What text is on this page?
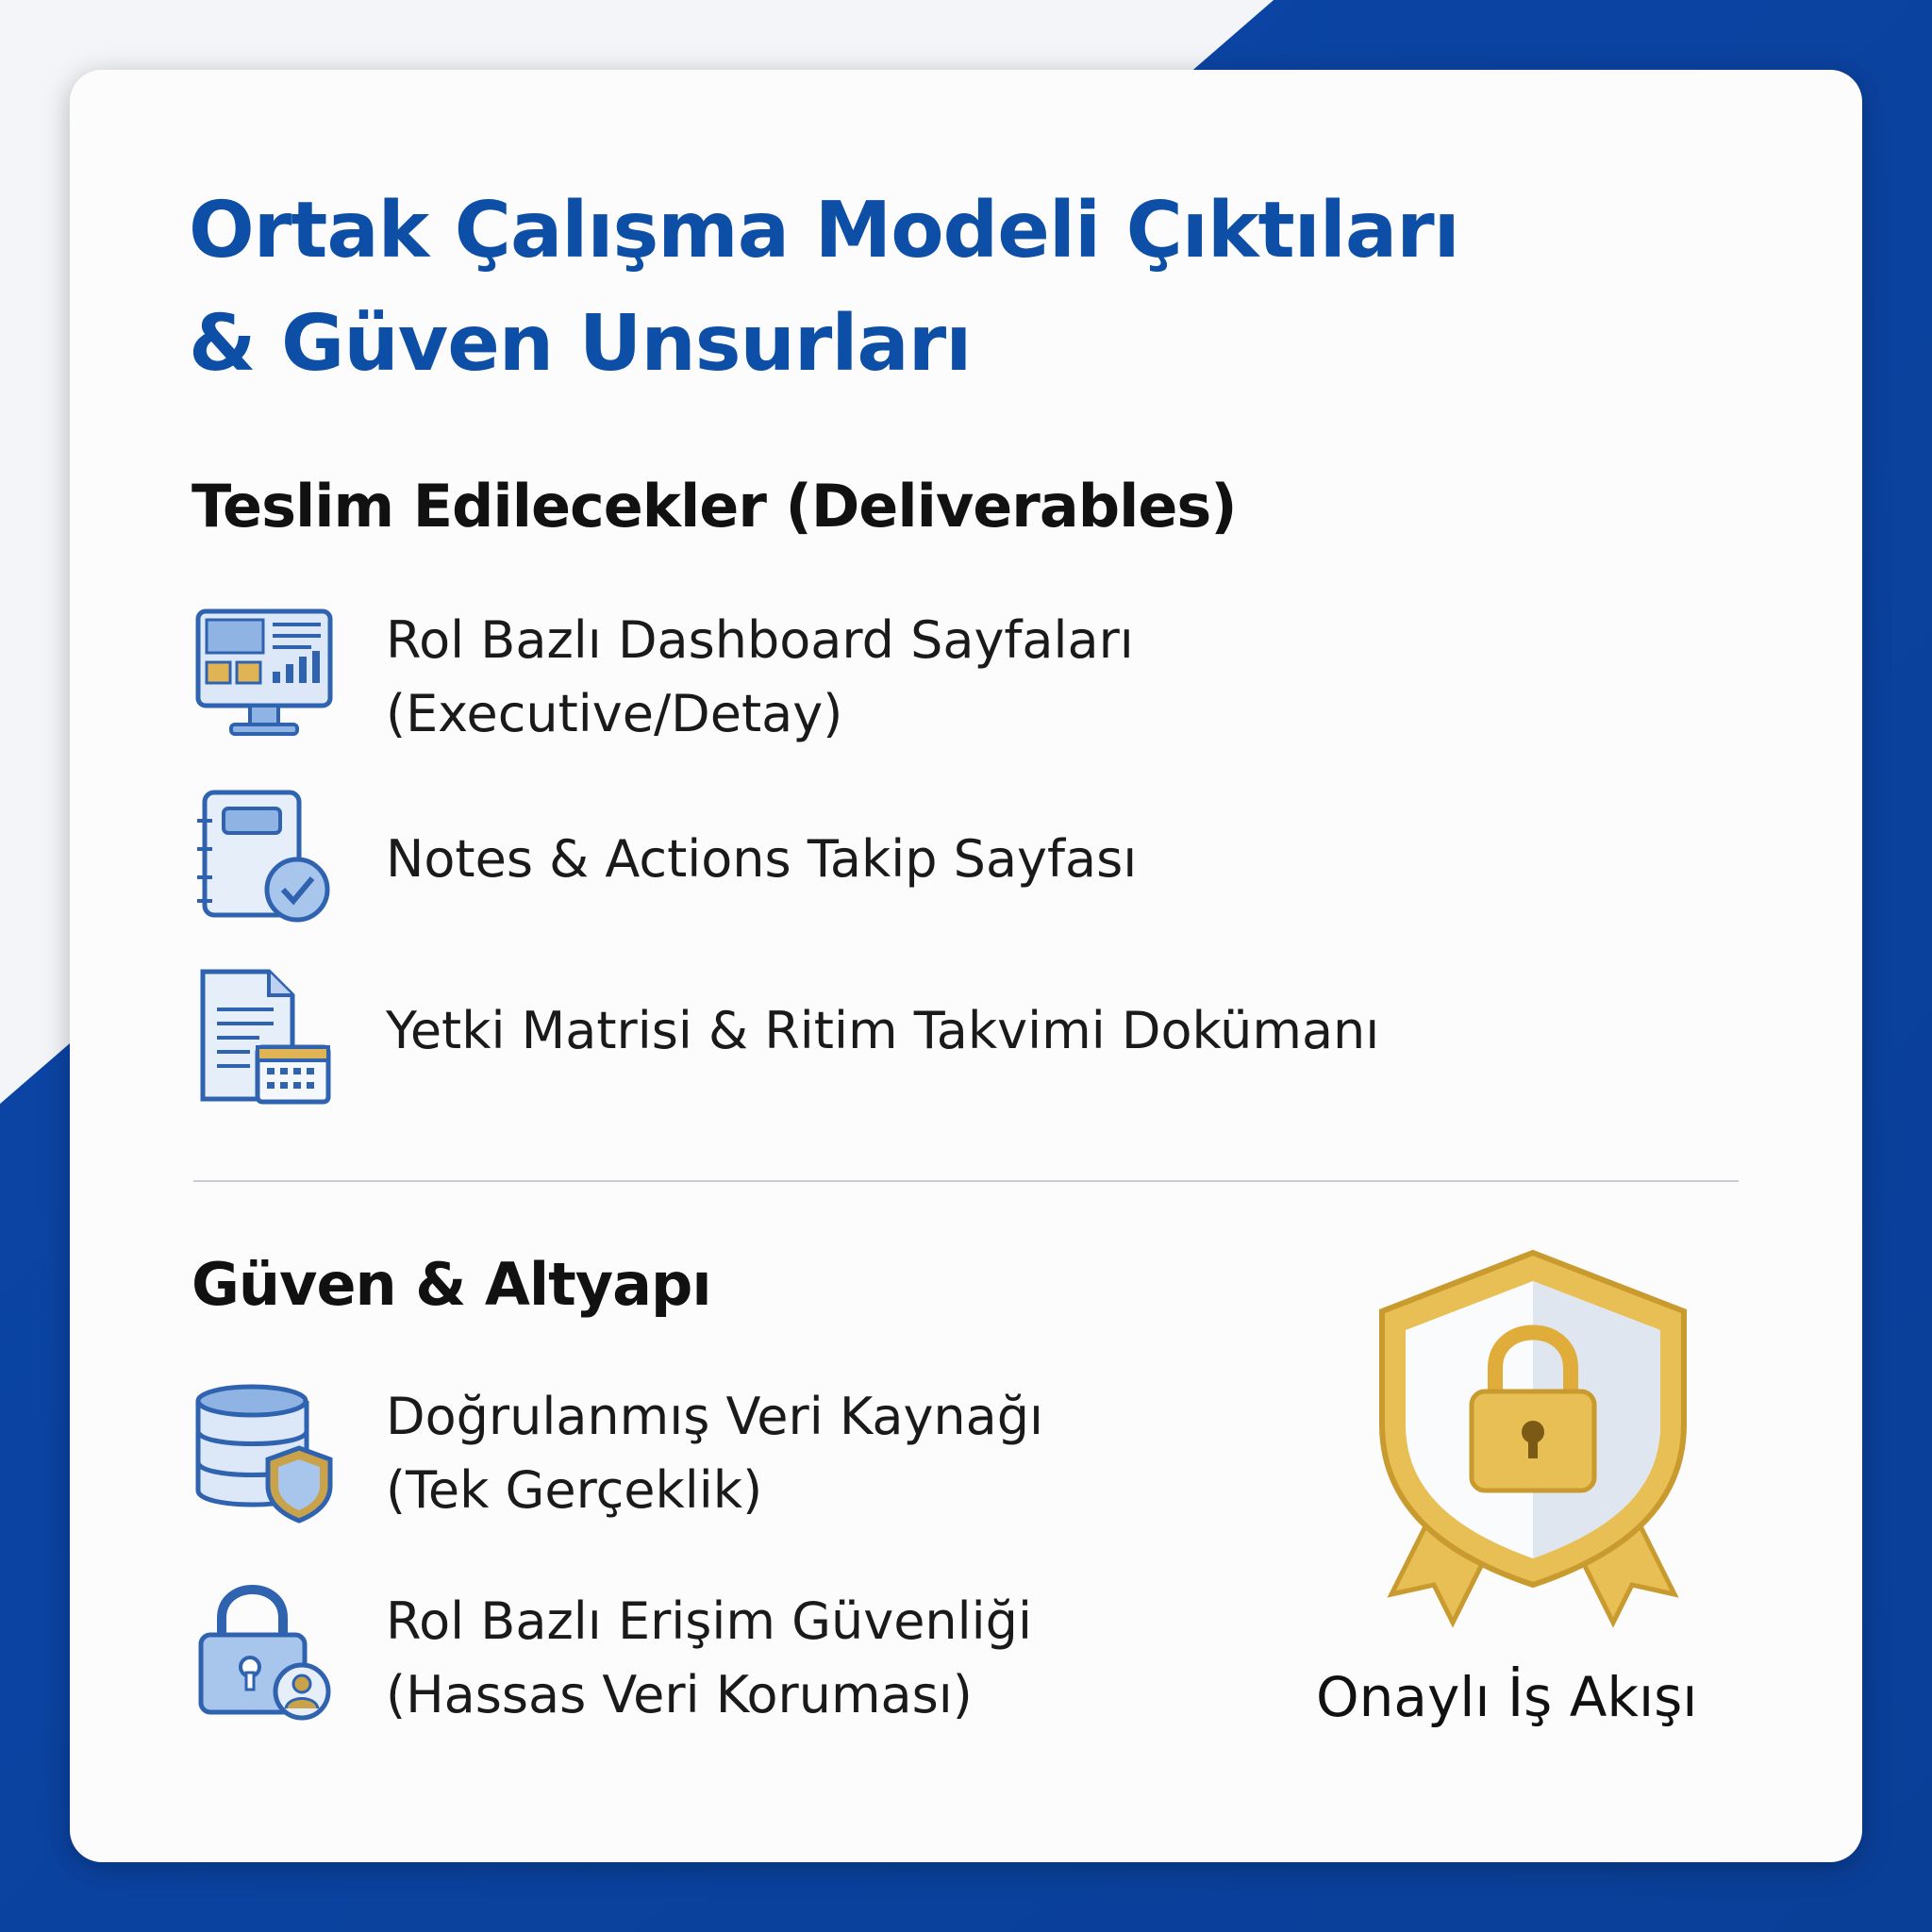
Ortak Çalışma Modeli Çıktıları
& Güven Unsurları
Teslim Edilecekler (Deliverables)
Rol Bazlı Dashboard Sayfaları
(Executive/Detay)
Notes & Actions Takip Sayfası
Yetki Matrisi & Ritim Takvimi Dokümanı
Güven & Altyapı
Doğrulanmış Veri Kaynağı
(Tek Gerçeklik)
Rol Bazlı Erişim Güvenliği
(Hassas Veri Koruması)	Onaylı İş Akışı
